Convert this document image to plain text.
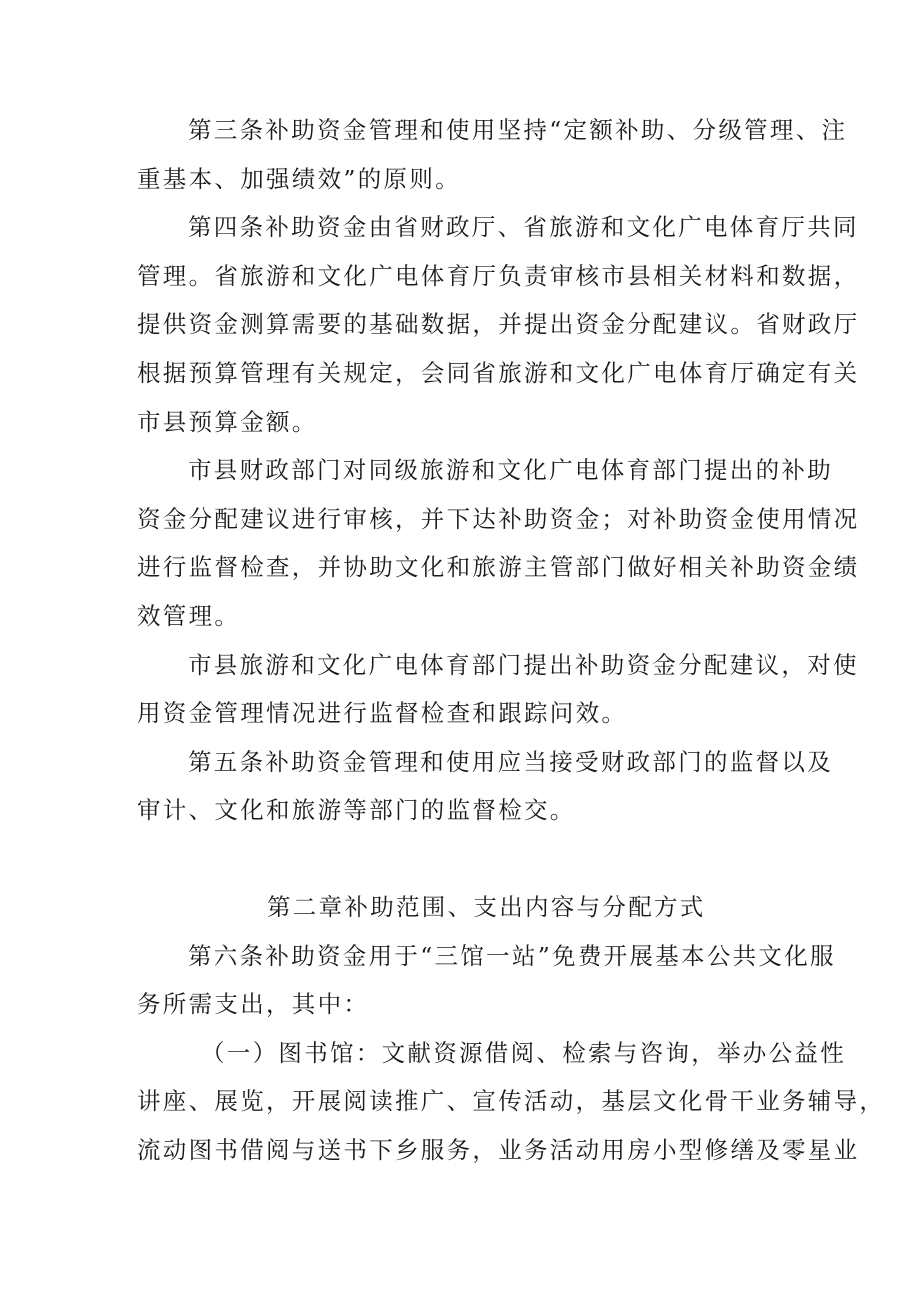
第三条补助资金管理和使用坚持“定额补助、分级管理、注
重基本、加强绩效”的原则。
第四条补助资金由省财政厅、省旅游和文化广电体育厅共同
管理。省旅游和文化广电体育厅负责审核市县相关材料和数据，
提供资金测算需要的基础数据，并提出资金分配建议。省财政厅
根据预算管理有关规定，会同省旅游和文化广电体育厅确定有关
市县预算金额。
市县财政部门对同级旅游和文化广电体育部门提出的补助
资金分配建议进行审核，并下达补助资金；对补助资金使用情况
进行监督检查，并协助文化和旅游主管部门做好相关补助资金绩
效管理。
市县旅游和文化广电体育部门提出补助资金分配建议，对使
用资金管理情况进行监督检查和跟踪问效。
第五条补助资金管理和使用应当接受财政部门的监督以及
审计、文化和旅游等部门的监督检交。
第二章补助范围、支出内容与分配方式
第六条补助资金用于“三馆一站”免费开展基本公共文化服
务所需支出，其中：
（一）图书馆：文献资源借阅、检索与咨询，举办公益性
讲座、展览，开展阅读推广、宣传活动，基层文化骨干业务辅导，
流动图书借阅与送书下乡服务，业务活动用房小型修缮及零星业
